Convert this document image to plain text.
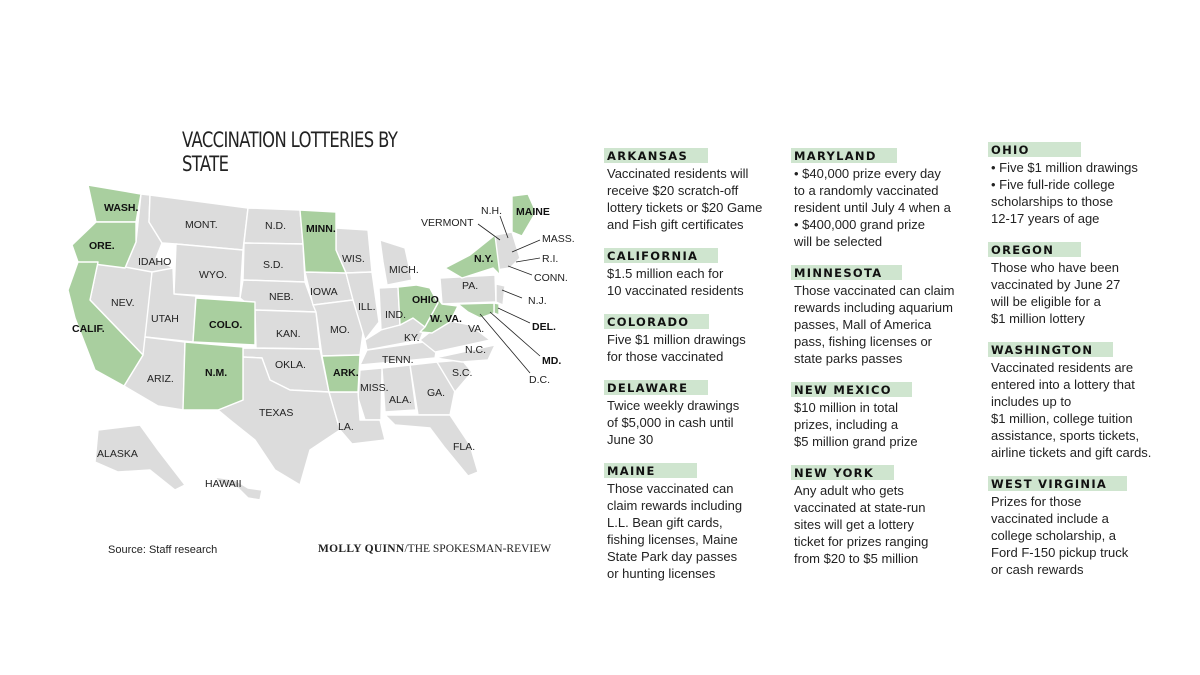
VACCINATION LOTTERIES BY STATE
WASH.
ORE.
CALIF.	COLO.
N.M.	ARK.
MINN.
OHIO
W. VA.
N.Y.
MAINE
DEL.
MD.
IDAHO
MONT.
WYO.
NEV.
UTAH
ARIZ.
N.D.
S.D.
NEB.
KAN.
OKLA.
TEXAS
IOWA
MO.
WIS.
MICH.
ILL.
IND.
KY.
TENN.
MISS.
ALA.
GA.
LA.
FLA.
S.C.
N.C.
VA.
PA.
VERMONT
N.H.
MASS.
R.I.
CONN.
N.J.
D.C.
ALASKA
HAWAII
Source: Staff research	MOLLY QUINN/THE SPOKESMAN-REVIEW
ARKANSAS
Vaccinated residents will
receive $20 scratch-off
lottery tickets or $20 Game
and Fish gift certificates
CALIFORNIA
$1.5 million each for
10 vaccinated residents
COLORADO
Five $1 million drawings
for those vaccinated
DELAWARE
Twice weekly drawings
of $5,000 in cash until
June 30
MAINE
Those vaccinated can
claim rewards including
L.L. Bean gift cards,
fishing licenses, Maine
State Park day passes
or hunting licenses
MARYLAND
• $40,000 prize every day
to a randomly vaccinated
resident until July 4 when a
• $400,000 grand prize
will be selected
MINNESOTA
Those vaccinated can claim
rewards including aquarium
passes, Mall of America
pass, fishing licenses or
state parks passes
NEW MEXICO
$10 million in total
prizes, including a
$5 million grand prize
NEW YORK
Any adult who gets
vaccinated at state-run
sites will get a lottery
ticket for prizes ranging
from $20 to $5 million
OHIO
• Five $1 million drawings
• Five full-ride college
scholarships to those
12-17 years of age
OREGON
Those who have been
vaccinated by June 27
will be eligible for a
$1 million lottery
WASHINGTON
Vaccinated residents are
entered into a lottery that
includes up to
$1 million, college tuition
assistance, sports tickets,
airline tickets and gift cards.
WEST VIRGINIA
Prizes for those
vaccinated include a
college scholarship, a
Ford F-150 pickup truck
or cash rewards
